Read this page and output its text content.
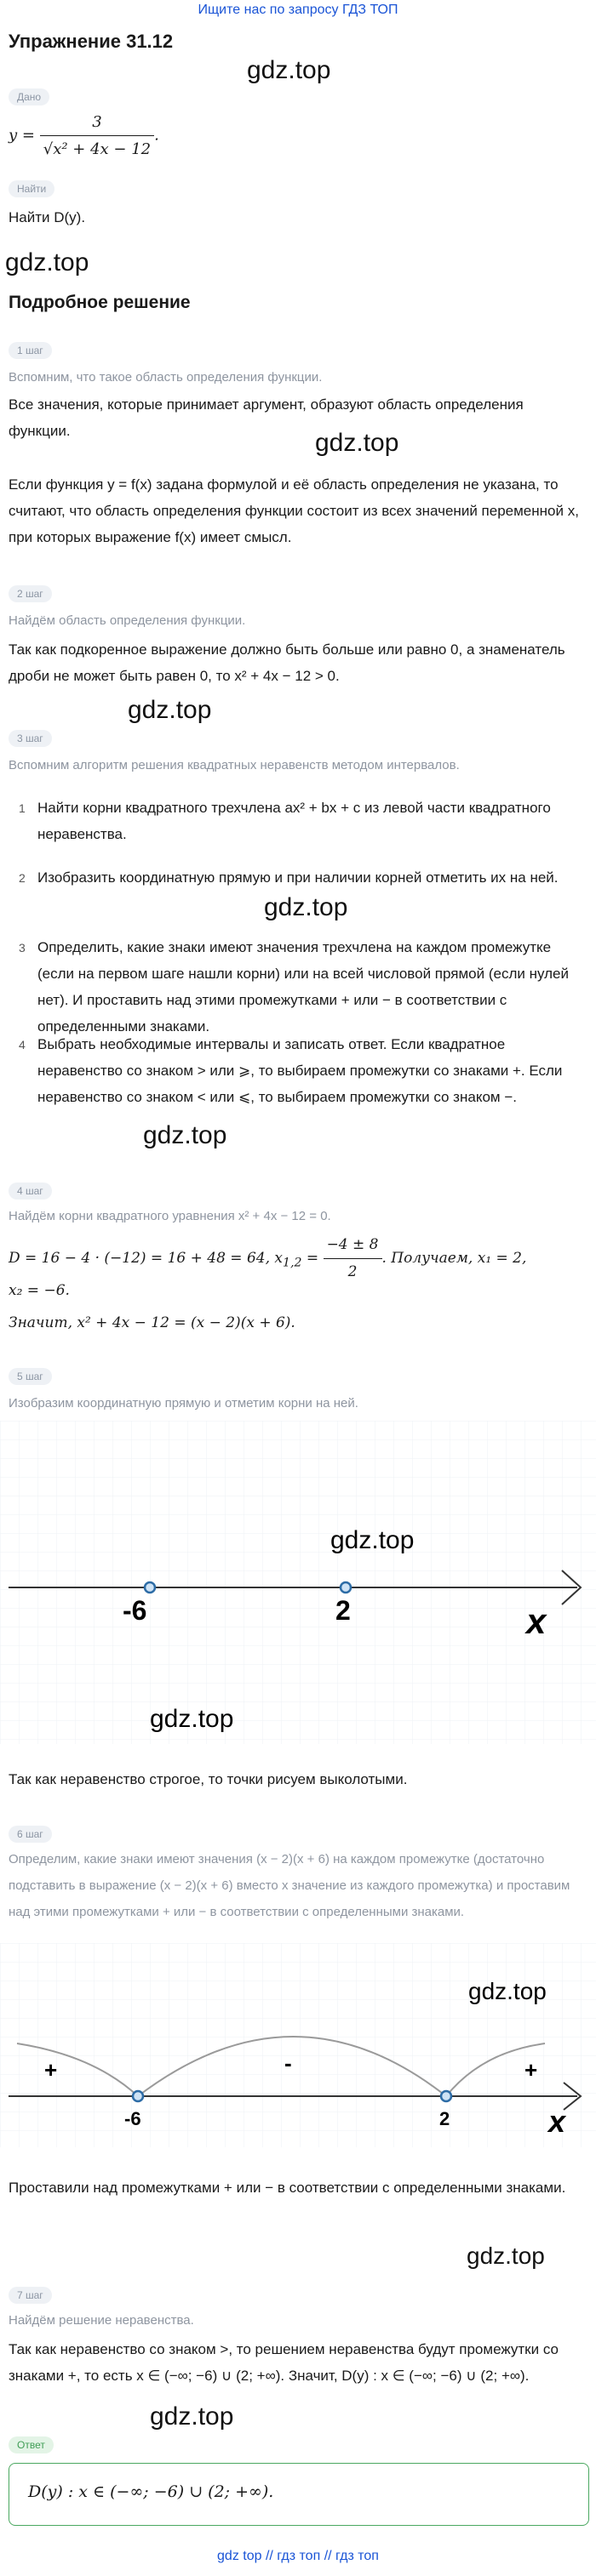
Ищите нас по запросу ГДЗ ТОП
Упражнение 31.12
gdz.top
Дано
$y = \frac{3}{\text{√x² + 4x − 12}}$ .
Найти
Найти D(y).
gdz.top
Подробное решение
1 шаг
Вспомним, что такое область определения функции.
Все значения, которые принимает аргумент, образуют область определения функции.	gdz.top
Если функция y = f(x) задана формулой и её область определения не указана, то считают, что область определения функции состоит из всех значений переменной x, при которых выражение f(x) имеет смысл.
2 шаг
Найдём область определения функции.
Так как подкоренное выражение должно быть больше или равно 0, а знаменатель дроби не может быть равен 0, то x² + 4x − 12 > 0.
gdz.top
3 шаг
Вспомним алгоритм решения квадратных неравенств методом интервалов.
1 Найти корни квадратного трехчлена ax² + bx + c из левой части квадратного неравенства.
2 Изобразить координатную прямую и при наличии корней отметить их на ней.
gdz.top
3 Определить, какие знаки имеют значения трехчлена на каждом промежутке (если на первом шаге нашли корни) или на всей числовой прямой (если нулей нет). И проставить над этими промежутками + или − в соответствии с определенными знаками.
4 Выбрать необходимые интервалы и записать ответ. Если квадратное неравенство со знаком > или ⩾, то выбираем промежутки со знаками +. Если неравенство со знаком < или ⩽, то выбираем промежутки со знаком −.
gdz.top
4 шаг
Найдём корни квадратного уравнения x² + 4x − 12 = 0.
D = 16 − 4 · (−12) = 16 + 48 = 64, $x_{1,2} = \frac{-4 \pm 8}{2}$ . Получаем, x₁ = 2,
x₂ = −6.
Значит, x² + 4x − 12 = (x − 2)(x + 6).
5 шаг
Изобразим координатную прямую и отметим корни на ней.
-6	2	x
gdz.top
gdz.top
Так как неравенство строгое, то точки рисуем выколотыми.
6 шаг
Определим, какие знаки имеют значения (x − 2)(x + 6) на каждом промежутке (достаточно подставить в выражение (x − 2)(x + 6) вместо x значение из каждого промежутка) и проставим над этими промежутками + или − в соответствии с определенными знаками.
-6	2
+	-	+
x
gdz.top
Проставили над промежутками + или − в соответствии с определенными знаками.
gdz.top
7 шаг
Найдём решение неравенства.
Так как неравенство со знаком >, то решением неравенства будут промежутки со знаками +, то есть x ∈ (−∞; −6) ∪ (2; +∞). Значит, D(y) : x ∈ (−∞; −6) ∪ (2; +∞).
gdz.top
Ответ
D(y) : x ∈ (−∞; −6) ∪ (2; +∞).
gdz top // гдз топ // гдз топ
